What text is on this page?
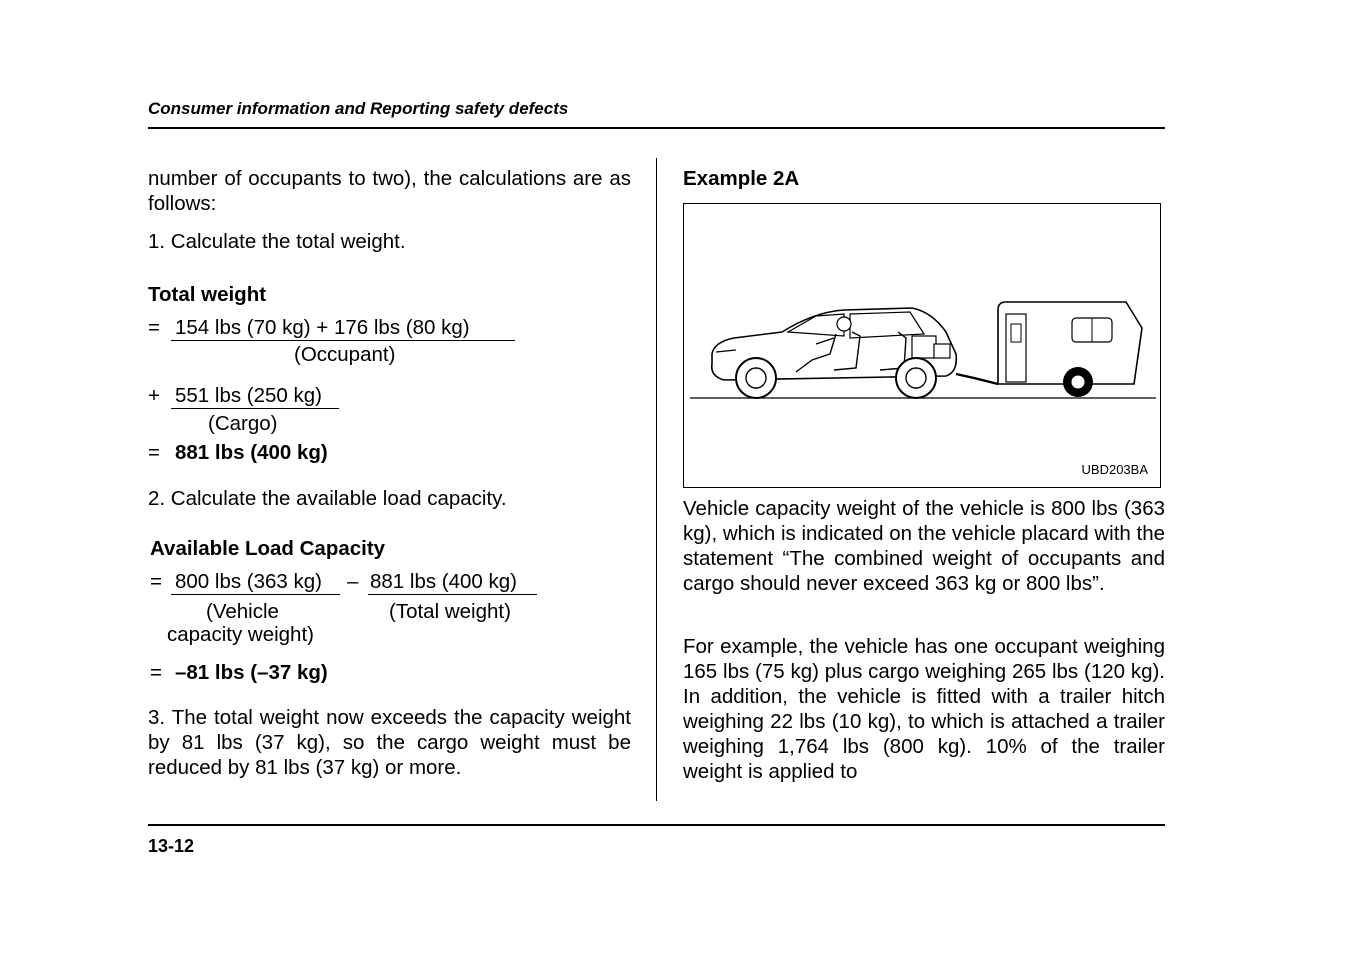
Consumer information and Reporting safety defects
number of occupants to two), the calculations are as follows:
1. Calculate the total weight.
Total weight
= 154 lbs (70 kg) + 176 lbs (80 kg)
(Occupant)
+ 551 lbs (250 kg)
(Cargo)
= 881 lbs (400 kg)
2. Calculate the available load capacity.
Available Load Capacity
= 800 lbs (363 kg)	– 881 lbs (400 kg)
(Vehicle
capacity weight)
(Total weight)
= –81 lbs (–37 kg)
3. The total weight now exceeds the capacity weight by 81 lbs (37 kg), so the cargo weight must be reduced by 81 lbs (37 kg) or more.
Example 2A
UBD203BA
Vehicle capacity weight of the vehicle is 800 lbs (363 kg), which is indicated on the vehicle placard with the statement “The combined weight of occupants and cargo should never exceed 363 kg or 800 lbs”.
For example, the vehicle has one occupant weighing 165 lbs (75 kg) plus cargo weighing 265 lbs (120 kg). In addition, the vehicle is fitted with a trailer hitch weighing 22 lbs (10 kg), to which is attached a trailer weighing 1,764 lbs (800 kg). 10% of the trailer weight is applied to
13-12
